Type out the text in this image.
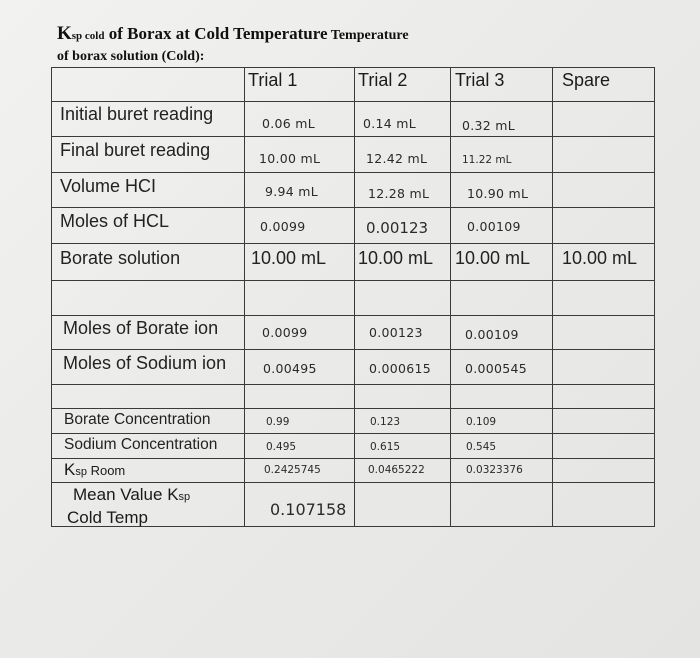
Ksp cold of Borax at Cold Temperature Temperature
of borax solution (Cold):
Trial 1	Trial 2	Trial 3	Spare
Initial buret reading	0.06 mL	0.14 mL	0.32 mL
Final buret reading	10.00 mL	12.42 mL	11.22 mL
Volume HCI	9.94 mL	12.28 mL	10.90 mL
Moles of HCL	0.0099	0.00123	0.00109
Borate solution	10.00 mL 10.00 mL 10.00 mL 10.00 mL
Moles of Borate ion	0.0099	0.00123	0.00109
Moles of Sodium ion	0.00495	0.000615	0.000545
Borate Concentration	0.99	0.123	0.109
Sodium Concentration	0.495	0.615	0.545
Ksp Room	0.2425745	0.0465222	0.0323376
Mean Value Ksp
Cold Temp	0.107158
